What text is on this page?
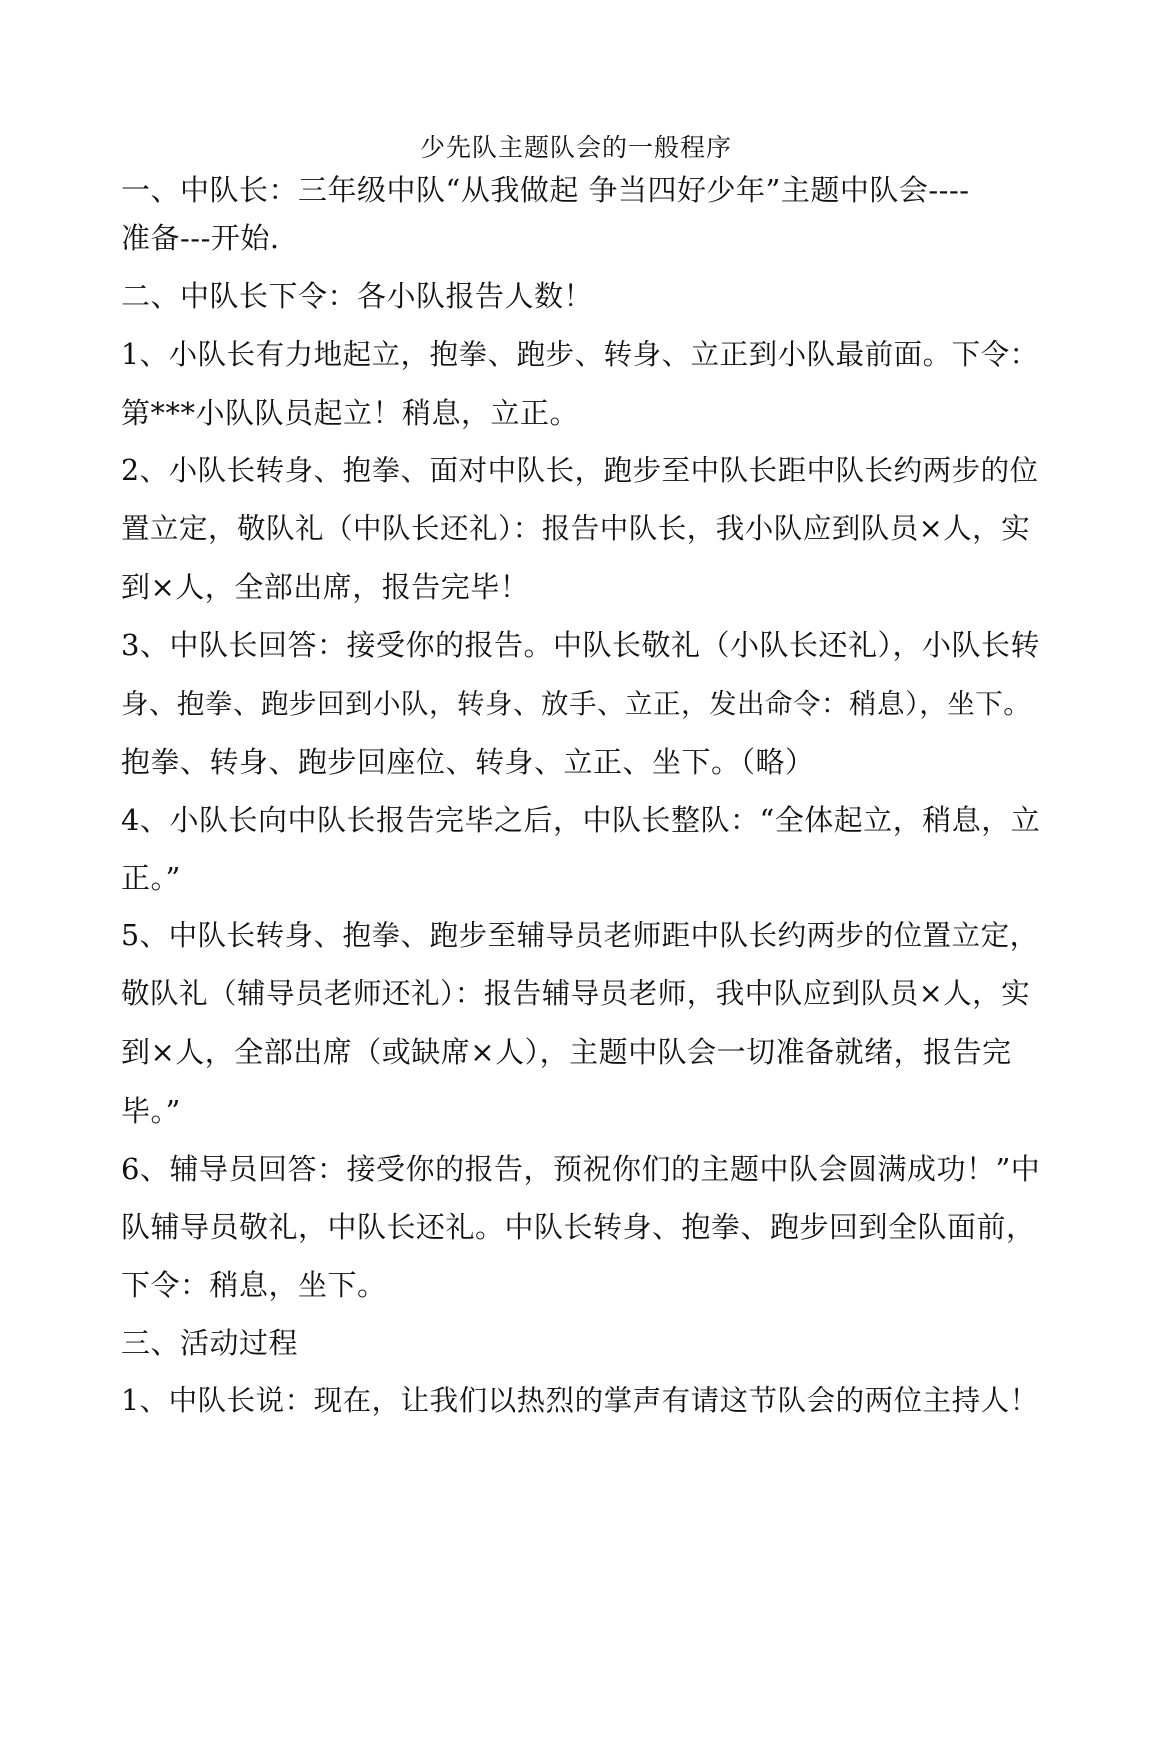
少先队主题队会的一般程序
一、中队长：三年级中队“从我做起 争当四好少年”主题中队会----
准备---开始.
二、中队长下令：各小队报告人数！
1、小队长有力地起立，抱拳、跑步、转身、立正到小队最前面。下令：
第***小队队员起立！稍息，立正。
2、小队长转身、抱拳、面对中队长，跑步至中队长距中队长约两步的位
置立定，敬队礼（中队长还礼）：报告中队长，我小队应到队员×人，实
到×人，全部出席，报告完毕！
3、中队长回答：接受你的报告。中队长敬礼（小队长还礼），小队长转
身、抱拳、跑步回到小队，转身、放手、立正，发出命令：稍息），坐下。
抱拳、转身、跑步回座位、转身、立正、坐下。（略）
4、小队长向中队长报告完毕之后，中队长整队：“全体起立，稍息，立
正。”
5、中队长转身、抱拳、跑步至辅导员老师距中队长约两步的位置立定，
敬队礼（辅导员老师还礼）：报告辅导员老师，我中队应到队员×人，实
到×人，全部出席（或缺席×人），主题中队会一切准备就绪，报告完
毕。”
6、辅导员回答：接受你的报告，预祝你们的主题中队会圆满成功！”中
队辅导员敬礼，中队长还礼。中队长转身、抱拳、跑步回到全队面前，
下令：稍息，坐下。
三、活动过程
1、中队长说：现在，让我们以热烈的掌声有请这节队会的两位主持人！
